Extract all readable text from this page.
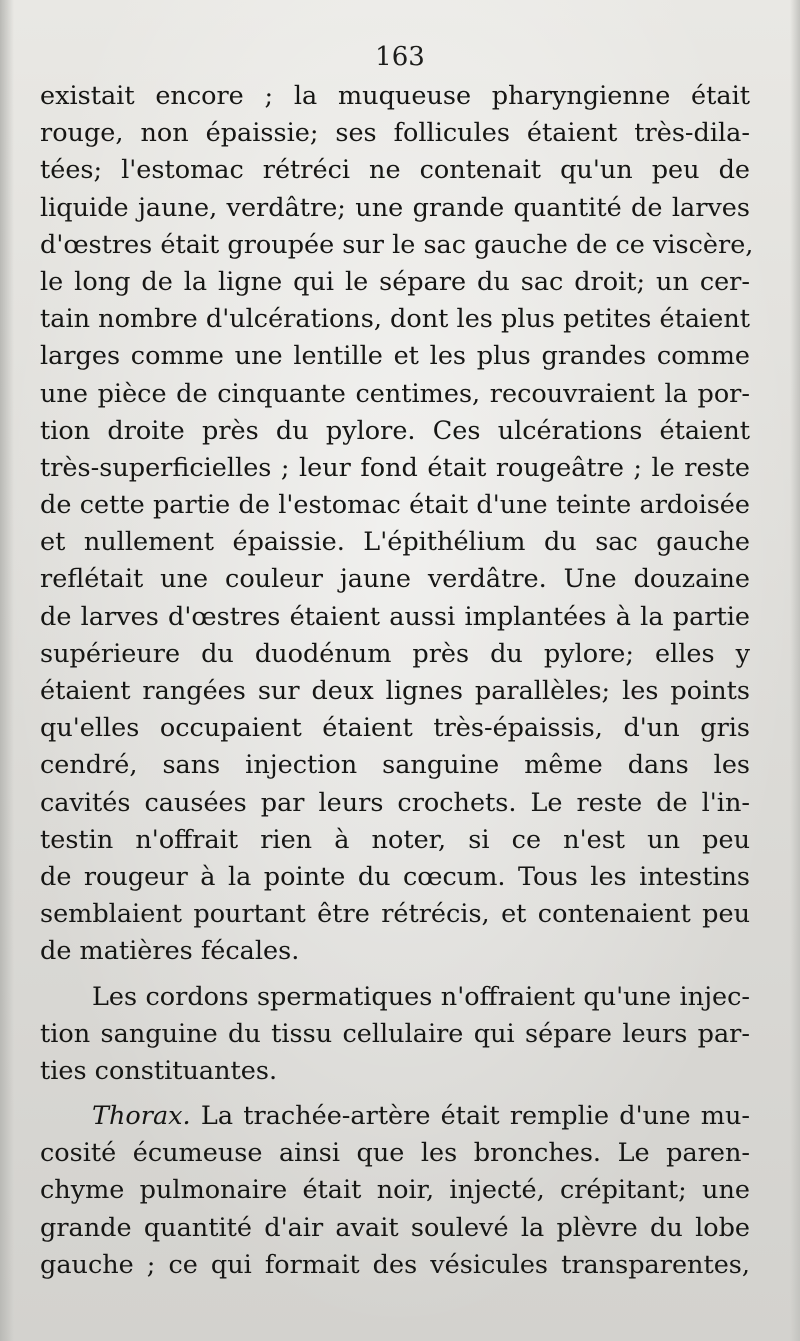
163
existait encore ; la muqueuse pharyngienne était
rouge, non épaissie; ses follicules étaient très-dila-
tées; l'estomac rétréci ne contenait qu'un peu de
liquide jaune, verdâtre; une grande quantité de larves
d'œstres était groupée sur le sac gauche de ce viscère,
le long de la ligne qui le sépare du sac droit; un cer-
tain nombre d'ulcérations, dont les plus petites étaient
larges comme une lentille et les plus grandes comme
une pièce de cinquante centimes, recouvraient la por-
tion droite près du pylore. Ces ulcérations étaient
très-superficielles ; leur fond était rougeâtre ; le reste
de cette partie de l'estomac était d'une teinte ardoisée
et nullement épaissie. L'épithélium du sac gauche
reflétait une couleur jaune verdâtre. Une douzaine
de larves d'œstres étaient aussi implantées à la partie
supérieure du duodénum près du pylore; elles y
étaient rangées sur deux lignes parallèles; les points
qu'elles occupaient étaient très-épaissis, d'un gris
cendré, sans injection sanguine même dans les
cavités causées par leurs crochets. Le reste de l'in-
testin n'offrait rien à noter, si ce n'est un peu
de rougeur à la pointe du cœcum. Tous les intestins
semblaient pourtant être rétrécis, et contenaient peu
de matières fécales.
Les cordons spermatiques n'offraient qu'une injec-
tion sanguine du tissu cellulaire qui sépare leurs par-
ties constituantes.
Thorax. La trachée-artère était remplie d'une mu-
cosité écumeuse ainsi que les bronches. Le paren-
chyme pulmonaire était noir, injecté, crépitant; une
grande quantité d'air avait soulevé la plèvre du lobe
gauche ; ce qui formait des vésicules transparentes,
